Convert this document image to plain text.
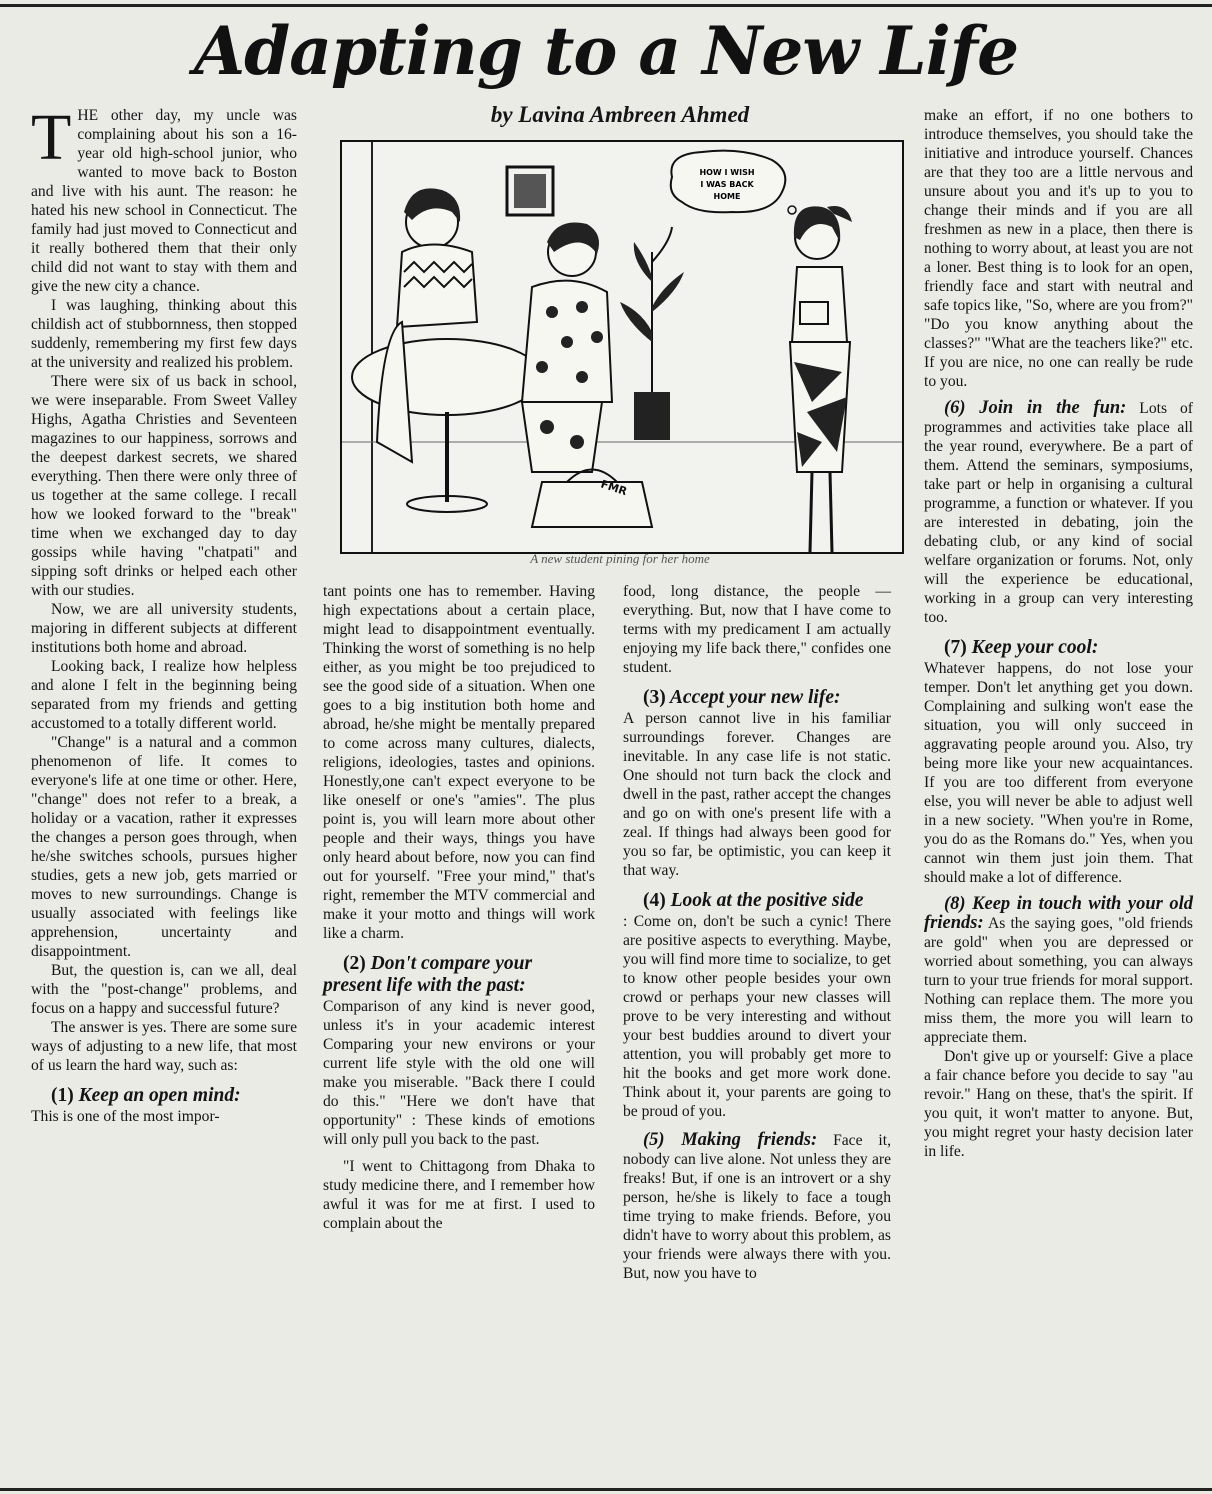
Adapting to a New Life
by Lavina Ambreen Ahmed

THE other day, my uncle was complaining about his son a 16-year old high-school junior, who wanted to move back to Boston and live with his aunt. The reason: he hated his new school in Connecticut. The family had just moved to Connecticut and it really bothered them that their only child did not want to stay with them and give the new city a chance.

I was laughing, thinking about this childish act of stubbornness, then stopped suddenly, remembering my first few days at the university and realized his problem.

There were six of us back in school, we were inseparable. From Sweet Valley Highs, Agatha Christies and Seventeen magazines to our happiness, sorrows and the deepest darkest secrets, we shared everything. Then there were only three of us together at the same college. I recall how we looked forward to the "break" time when we exchanged day to day gossips while having "chatpati" and sipping soft drinks or helped each other with our studies.

Now, we are all university students, majoring in different subjects at different institutions both home and abroad.

Looking back, I realize how helpless and alone I felt in the beginning being separated from my friends and getting accustomed to a totally different world.

"Change" is a natural and a common phenomenon of life. It comes to everyone's life at one time or other. Here, "change" does not refer to a break, a holiday or a vacation, rather it expresses the changes a person goes through, when he/she switches schools, pursues higher studies, gets a new job, gets married or moves to new surroundings. Change is usually associated with feelings like apprehension, uncertainty and disappointment.

But, the question is, can we all, deal with the "post-change" problems, and focus on a happy and successful future?

The answer is yes. There are some sure ways of adjusting to a new life, that most of us learn the hard way, such as:

(1) Keep an open mind:

This is one of the most impor-

FMR
HOW I WISH
I WAS BACK
HOME
A new student pining for her home

tant points one has to remember. Having high expectations about a certain place, might lead to disappointment eventually. Thinking the worst of something is no help either, as you might be too prejudiced to see the good side of a situation. When one goes to a big institution both home and abroad, he/she might be mentally prepared to come across many cultures, dialects, religions, ideologies, tastes and opinions. Honestly,one can't expect everyone to be like oneself or one's "amies". The plus point is, you will learn more about other people and their ways, things you have only heard about before, now you can find out for yourself. "Free your mind," that's right, remember the MTV commercial and make it your motto and things will work like a charm.

(2) Don't compare your present life with the past:

Comparison of any kind is never good, unless it's in your academic interest Comparing your new environs or your current life style with the old one will make you miserable. "Back there I could do this." "Here we don't have that opportunity" : These kinds of emotions will only pull you back to the past.

"I went to Chittagong from Dhaka to study medicine there, and I remember how awful it was for me at first. I used to complain about the

food, long distance, the people — everything. But, now that I have come to terms with my predicament I am actually enjoying my life back there," confides one student.

(3) Accept your new life:

A person cannot live in his familiar surroundings forever. Changes are inevitable. In any case life is not static. One should not turn back the clock and dwell in the past, rather accept the changes and go on with one's present life with a zeal. If things had always been good for you so far, be optimistic, you can keep it that way.

(4) Look at the positive side

: Come on, don't be such a cynic! There are positive aspects to everything. Maybe, you will find more time to socialize, to get to know other people besides your own crowd or perhaps your new classes will prove to be very interesting and without your best buddies around to divert your attention, you will probably get more to hit the books and get more work done. Think about it, your parents are going to be proud of you.

(5) Making friends: Face it, nobody can live alone. Not unless they are freaks! But, if one is an introvert or a shy person, he/she is likely to face a tough time trying to make friends. Before, you didn't have to worry about this problem, as your friends were always there with you. But, now you have to

make an effort, if no one bothers to introduce themselves, you should take the initiative and introduce yourself. Chances are that they too are a little nervous and unsure about you and it's up to you to change their minds and if you are all freshmen as new in a place, then there is nothing to worry about, at least you are not a loner. Best thing is to look for an open, friendly face and start with neutral and safe topics like, "So, where are you from?" "Do you know anything about the classes?" "What are the teachers like?" etc. If you are nice, no one can really be rude to you.

(6) Join in the fun: Lots of programmes and activities take place all the year round, everywhere. Be a part of them. Attend the seminars, symposiums, take part or help in organising a cultural programme, a function or whatever. If you are interested in debating, join the debating club, or any kind of social welfare organization or forums. Not, only will the experience be educational, working in a group can very interesting too.

(7) Keep your cool:

Whatever happens, do not lose your temper. Don't let anything get you down. Complaining and sulking won't ease the situation, you will only succeed in aggravating people around you. Also, try being more like your new acquaintances. If you are too different from everyone else, you will never be able to adjust well in a new society. "When you're in Rome, you do as the Romans do." Yes, when you cannot win them just join them. That should make a lot of difference.

(8) Keep in touch with your old friends: As the saying goes, "old friends are gold" when you are depressed or worried about something, you can always turn to your true friends for moral support. Nothing can replace them. The more you miss them, the more you will learn to appreciate them.

Don't give up or yourself: Give a place a fair chance before you decide to say "au revoir." Hang on these, that's the spirit. If you quit, it won't matter to anyone. But, you might regret your hasty decision later in life.
